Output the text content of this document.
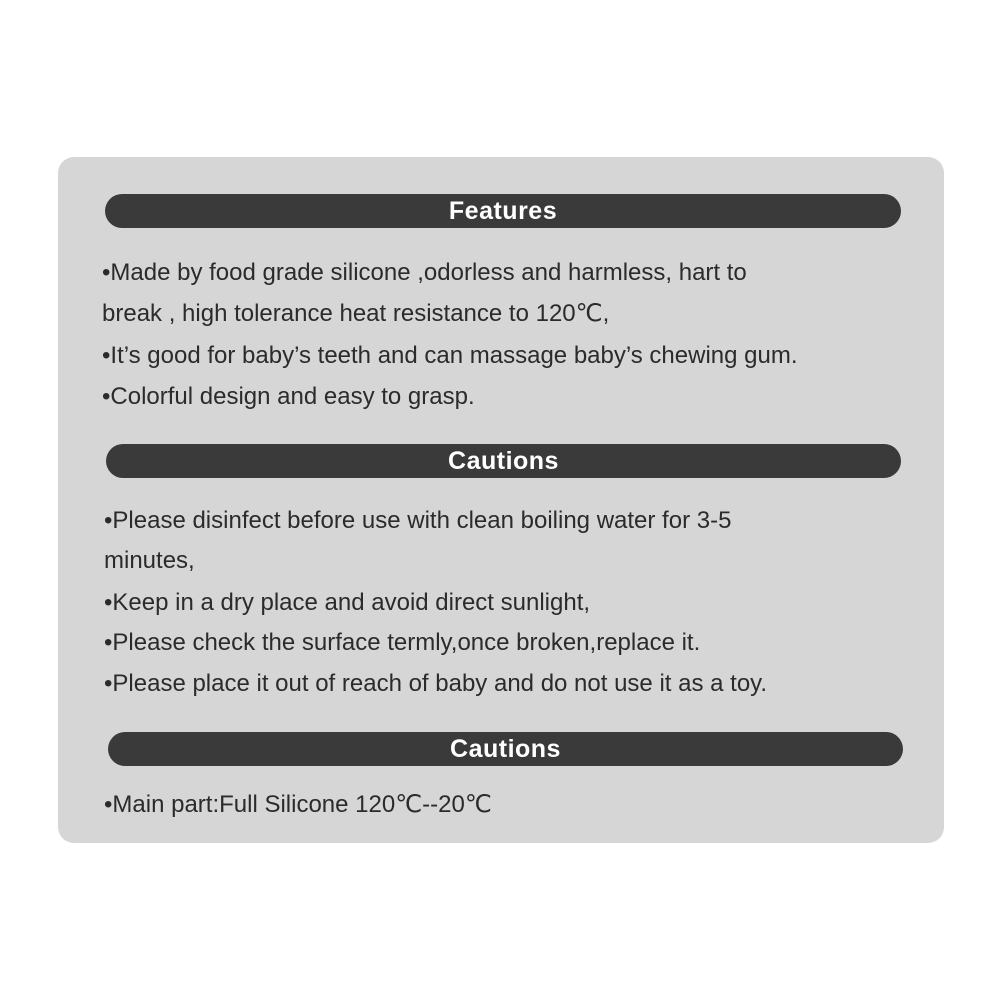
Features
•Made by food grade silicone ,odorless and harmless, hart to
break , high tolerance heat resistance to 120℃,
•It’s good for baby’s teeth and can massage baby’s chewing gum.
•Colorful design and easy to grasp.
Cautions
•Please disinfect before use with clean boiling water for 3-5
minutes,
•Keep in a dry place and avoid direct sunlight,
•Please check the surface termly,once broken,replace it.
•Please place it out of reach of baby and do not use it as a toy.
Cautions
•Main part:Full Silicone 120℃--20℃
